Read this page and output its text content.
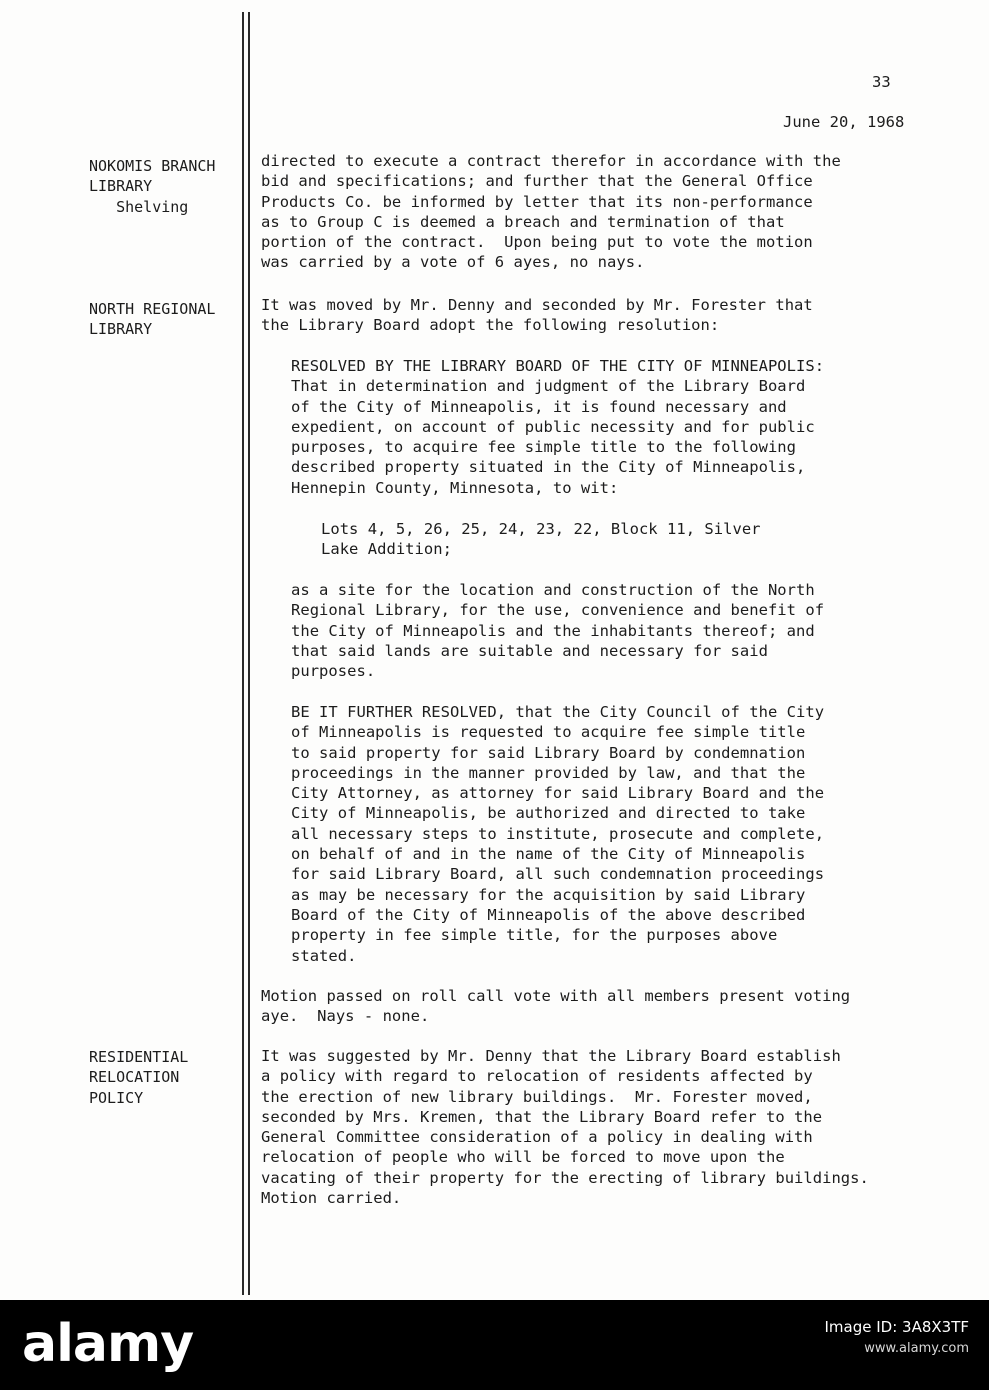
33
June 20, 1968
NOKOMIS BRANCH
LIBRARY
Shelving
NORTH REGIONAL
LIBRARY
RESIDENTIAL
RELOCATION
POLICY
directed to execute a contract therefor in accordance with the
bid and specifications; and further that the General Office
Products Co. be informed by letter that its non-performance
as to Group C is deemed a breach and termination of that
portion of the contract.  Upon being put to vote the motion
was carried by a vote of 6 ayes, no nays.
It was moved by Mr. Denny and seconded by Mr. Forester that
the Library Board adopt the following resolution:
RESOLVED BY THE LIBRARY BOARD OF THE CITY OF MINNEAPOLIS:
That in determination and judgment of the Library Board
of the City of Minneapolis, it is found necessary and
expedient, on account of public necessity and for public
purposes, to acquire fee simple title to the following
described property situated in the City of Minneapolis,
Hennepin County, Minnesota, to wit:
Lots 4, 5, 26, 25, 24, 23, 22, Block 11, Silver
Lake Addition;
as a site for the location and construction of the North
Regional Library, for the use, convenience and benefit of
the City of Minneapolis and the inhabitants thereof; and
that said lands are suitable and necessary for said
purposes.
BE IT FURTHER RESOLVED, that the City Council of the City
of Minneapolis is requested to acquire fee simple title
to said property for said Library Board by condemnation
proceedings in the manner provided by law, and that the
City Attorney, as attorney for said Library Board and the
City of Minneapolis, be authorized and directed to take
all necessary steps to institute, prosecute and complete,
on behalf of and in the name of the City of Minneapolis
for said Library Board, all such condemnation proceedings
as may be necessary for the acquisition by said Library
Board of the City of Minneapolis of the above described
property in fee simple title, for the purposes above
stated.
Motion passed on roll call vote with all members present voting
aye.  Nays - none.
It was suggested by Mr. Denny that the Library Board establish
a policy with regard to relocation of residents affected by
the erection of new library buildings.  Mr. Forester moved,
seconded by Mrs. Kremen, that the Library Board refer to the
General Committee consideration of a policy in dealing with
relocation of people who will be forced to move upon the
vacating of their property for the erecting of library buildings.
Motion carried.
alamy	Image ID: 3A8X3TF
www.alamy.com
